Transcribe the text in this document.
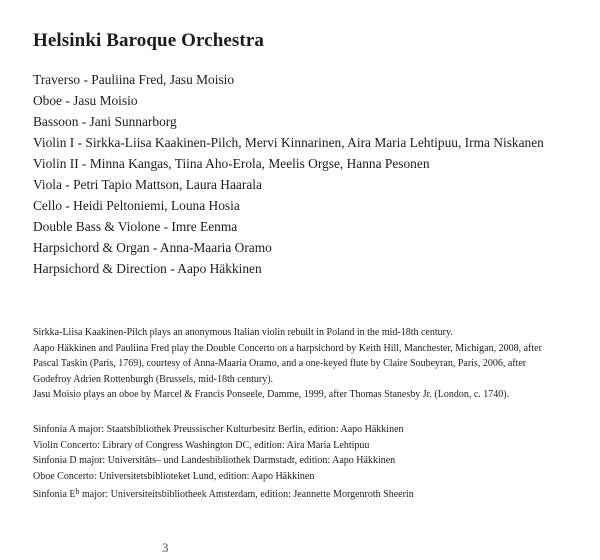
Helsinki Baroque Orchestra
Traverso - Pauliina Fred, Jasu Moisio
Oboe - Jasu Moisio
Bassoon - Jani Sunnarborg
Violin I - Sirkka-Liisa Kaakinen-Pilch, Mervi Kinnarinen, Aira Maria Lehtipuu, Irma Niskanen
Violin II - Minna Kangas, Tiina Aho-Erola, Meelis Orgse, Hanna Pesonen
Viola - Petri Tapio Mattson, Laura Haarala
Cello - Heidi Peltoniemi, Louna Hosia
Double Bass & Violone - Imre Eenma
Harpsichord & Organ - Anna-Maaria Oramo
Harpsichord & Direction - Aapo Häkkinen

Sirkka-Liisa Kaakinen-Pilch plays an anonymous Italian violin rebuilt in Poland in the mid-18th century.

Aapo Häkkinen and Pauliina Fred play the Double Concerto on a harpsichord by Keith Hill, Manchester, Michigan, 2008, after Pascal Taskin (Paris, 1769), courtesy of Anna-Maaria Oramo, and a one-keyed flute by Claire Soubeyran, Paris, 2006, after Godefroy Adrien Rottenburgh (Brussels, mid-18th century).

Jasu Moisio plays an oboe by Marcel & Francis Ponseele, Damme, 1999, after Thomas Stanesby Jr. (London, c. 1740).

Sinfonia A major: Staatsbibliothek Preussischer Kulturbesitz Berlin, edition: Aapo Häkkinen
Violin Concerto: Library of Congress Washington DC, edition: Aira Maria Lehtipuu
Sinfonia D major: Universitäts– und Landesbibliothek Darmstadt, edition: Aapo Häkkinen
Oboe Concerto: Universitetsbiblioteket Lund, edition: Aapo Häkkinen
Sinfonia $E^b$ major: Universiteitsbibliotheek Amsterdam, edition: Jeannette Morgenroth Sheerin
3
